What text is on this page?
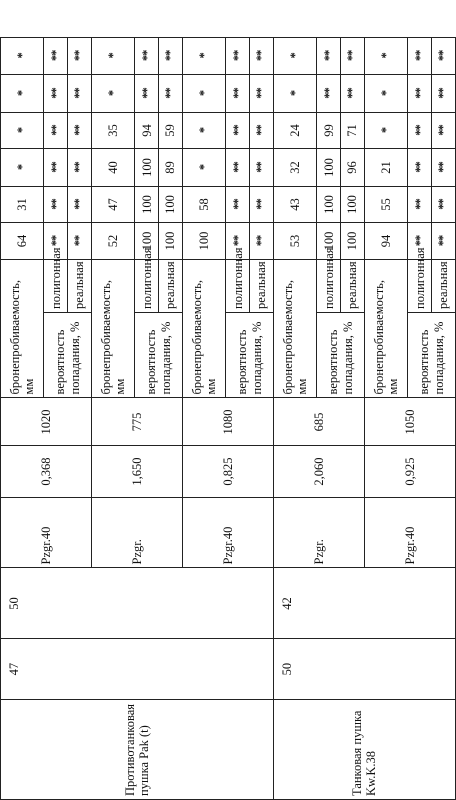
Противотанковая пушка Pak (t)	47	50	Pzgr.40	0,368	1020	бронепробиваемость, мм		64	31	*	*	*	*
						вероятность попадания, %	полигонная	**	**	**	**	**	**
							реальная	**	**	**	**	**	**
			Pzgr.	1,650	775	бронепробиваемость, мм		52	47	40	35	*	*
						вероятность попадания, %	полигонная	100	100	100	94	**	**
							реальная	100	100	89	59	**	**
			Pzgr.40	0,825	1080	бронепробиваемость, мм		100	58	*	*	*	*
						вероятность попадания, %	полигонная	**	**	**	**	**	**
							реальная	**	**	**	**	**	**
Танковая пушка Kw.K.38	50	42	Pzgr.	2,060	685	бронепробиваемость, мм		53	43	32	24	*	*
						вероятность попадания, %	полигонная	100	100	100	99	**	**
							реальная	100	100	96	71	**	**
			Pzgr.40	0,925	1050	бронепробиваемость, мм		94	55	21	*	*	*
						вероятность попадания, %	полигонная	**	**	**	**	**	**
							реальная	**	**	**	**	**	**
